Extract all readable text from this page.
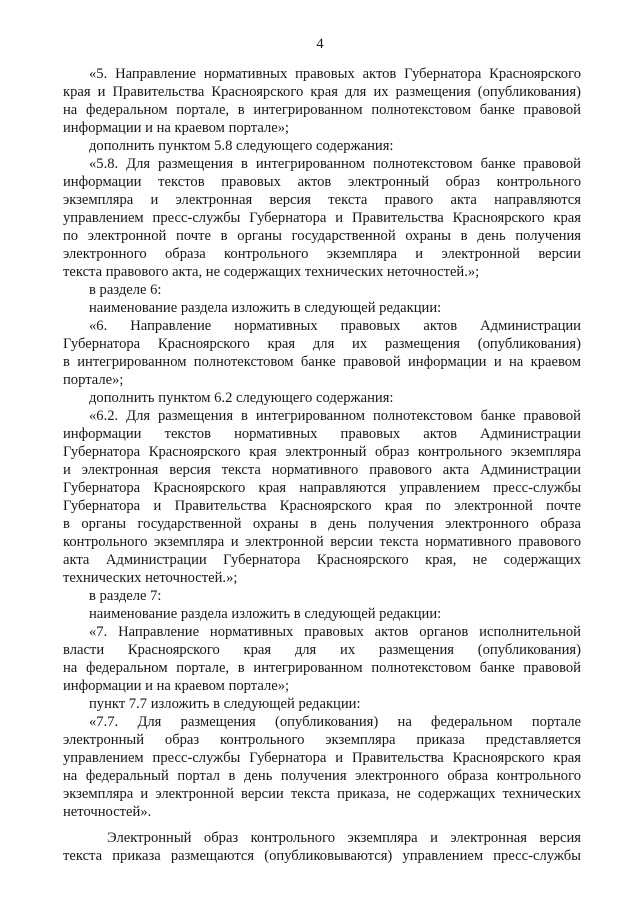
4
«5. Направление нормативных правовых актов Губернатора Красноярского
края и Правительства Красноярского края для их размещения (опубликования)
на федеральном портале, в интегрированном полнотекстовом банке правовой
информации и на краевом портале»;
дополнить пунктом 5.8 следующего содержания:
«5.8. Для размещения в интегрированном полнотекстовом банке правовой
информации текстов правовых актов электронный образ контрольного
экземпляра и электронная версия текста правого акта направляются
управлением пресс-службы Губернатора и Правительства Красноярского края
по электронной почте в органы государственной охраны в день получения
электронного образа контрольного экземпляра и электронной версии
текста правового акта, не содержащих технических неточностей.»;
в разделе 6:
наименование раздела изложить в следующей редакции:
«6. Направление нормативных правовых актов Администрации
Губернатора Красноярского края для их размещения (опубликования)
в интегрированном полнотекстовом банке правовой информации и на краевом
портале»;
дополнить пунктом 6.2 следующего содержания:
«6.2. Для размещения в интегрированном полнотекстовом банке правовой
информации текстов нормативных правовых актов Администрации
Губернатора Красноярского края электронный образ контрольного экземпляра
и электронная версия текста нормативного правового акта Администрации
Губернатора Красноярского края направляются управлением пресс-службы
Губернатора и Правительства Красноярского края по электронной почте
в органы государственной охраны в день получения электронного образа
контрольного экземпляра и электронной версии текста нормативного правового
акта Администрации Губернатора Красноярского края, не содержащих
технических неточностей.»;
в разделе 7:
наименование раздела изложить в следующей редакции:
«7. Направление нормативных правовых актов органов исполнительной
власти Красноярского края для их размещения (опубликования)
на федеральном портале, в интегрированном полнотекстовом банке правовой
информации и на краевом портале»;
пункт 7.7 изложить в следующей редакции:
«7.7. Для размещения (опубликования) на федеральном портале
электронный образ контрольного экземпляра приказа представляется
управлением пресс-службы Губернатора и Правительства Красноярского края
на федеральный портал в день получения электронного образа контрольного
экземпляра и электронной версии текста приказа, не содержащих технических
неточностей».
Электронный образ контрольного экземпляра и электронная версия
текста приказа размещаются (опубликовываются) управлением пресс-службы
